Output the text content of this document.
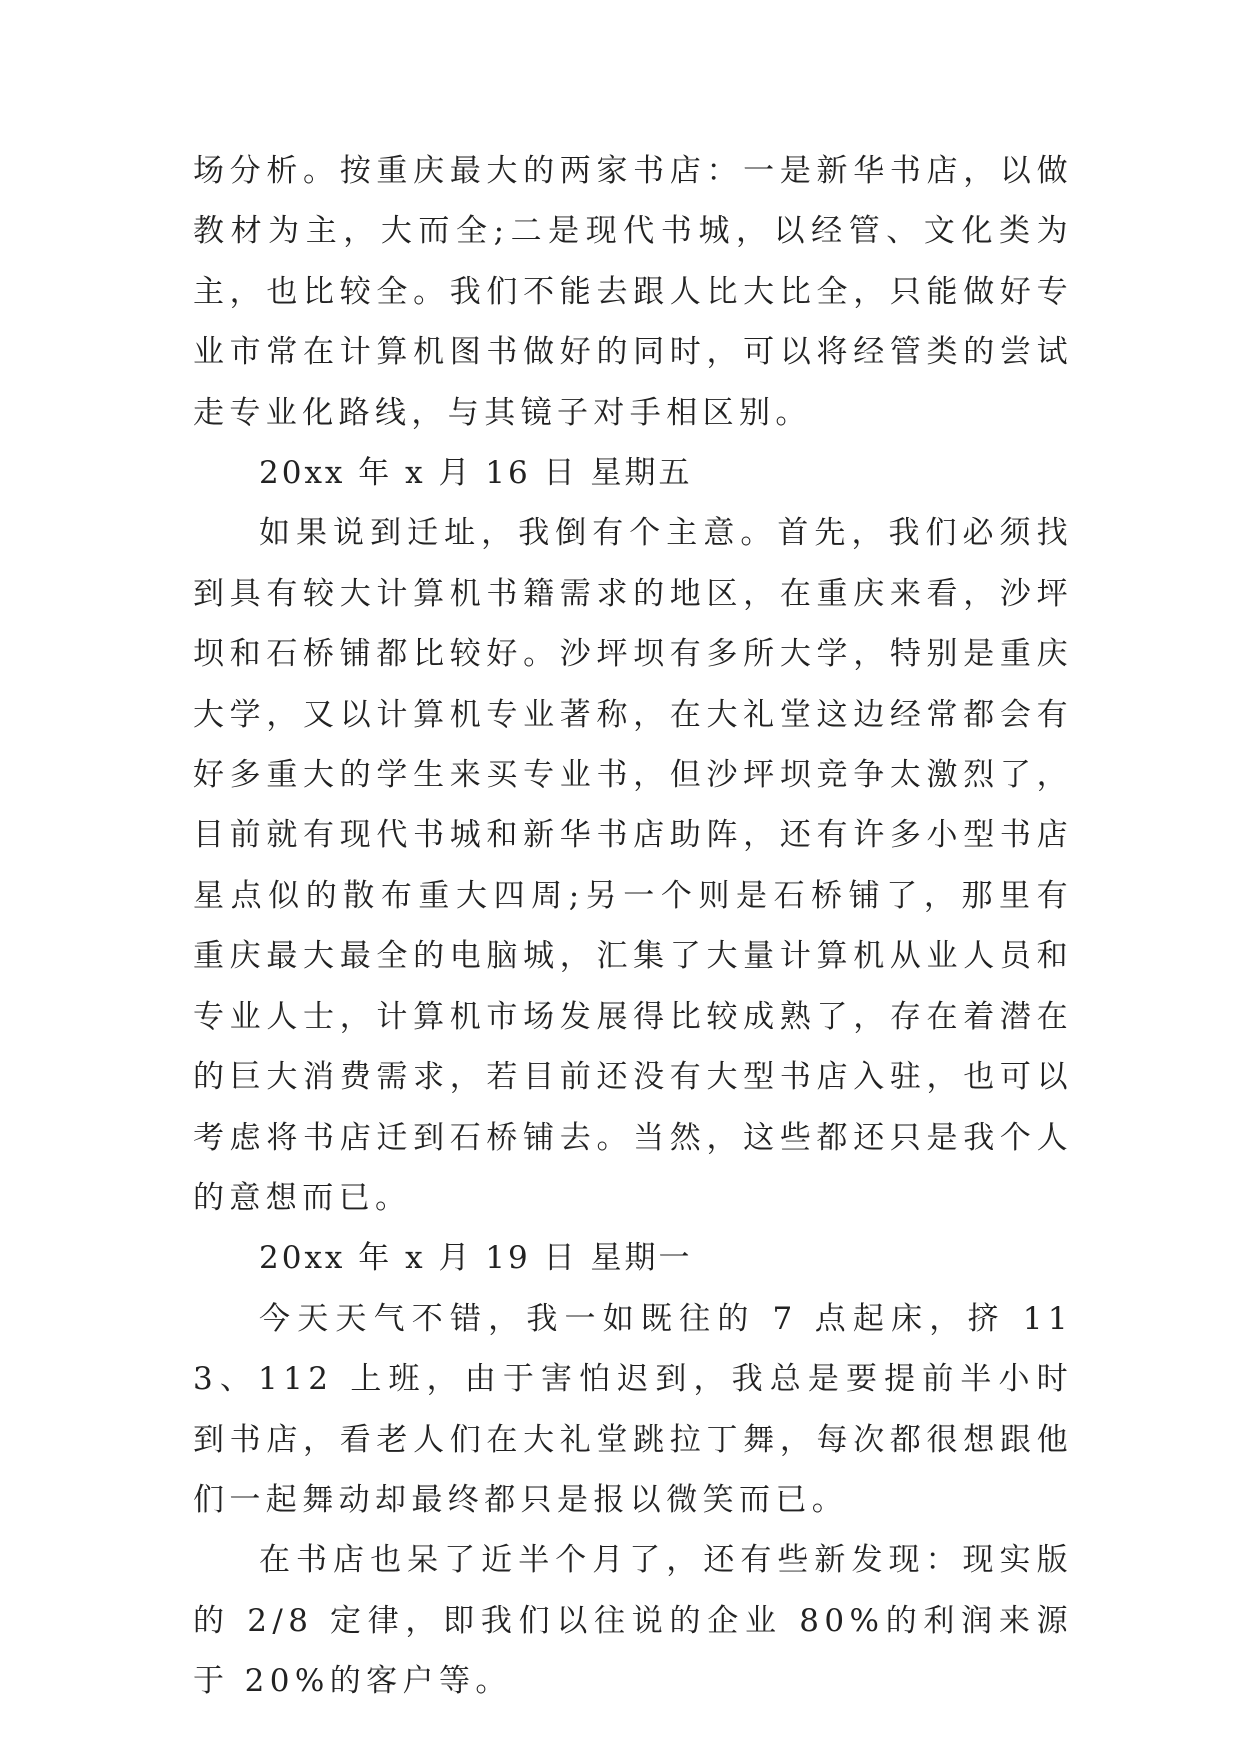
场分析。按重庆最大的两家书店：一是新华书店，以做教材为主，大而全;二是现代书城，以经管、文化类为主，也比较全。我们不能去跟人比大比全，只能做好专业市常在计算机图书做好的同时，可以将经管类的尝试走专业化路线，与其镜子对手相区别。

20xx 年 x 月 16 日 星期五

如果说到迁址，我倒有个主意。首先，我们必须找到具有较大计算机书籍需求的地区，在重庆来看，沙坪坝和石桥铺都比较好。沙坪坝有多所大学，特别是重庆大学，又以计算机专业著称，在大礼堂这边经常都会有好多重大的学生来买专业书，但沙坪坝竞争太激烈了，目前就有现代书城和新华书店助阵，还有许多小型书店星点似的散布重大四周;另一个则是石桥铺了，那里有重庆最大最全的电脑城，汇集了大量计算机从业人员和专业人士，计算机市场发展得比较成熟了，存在着潜在的巨大消费需求，若目前还没有大型书店入驻，也可以考虑将书店迁到石桥铺去。当然，这些都还只是我个人的意想而已。

20xx 年 x 月 19 日 星期一

今天天气不错，我一如既往的 7 点起床，挤 113、112 上班，由于害怕迟到，我总是要提前半小时到书店，看老人们在大礼堂跳拉丁舞，每次都很想跟他们一起舞动却最终都只是报以微笑而已。

在书店也呆了近半个月了，还有些新发现：现实版的 2/8 定律，即我们以往说的企业 80%的利润来源于 20%的客户等。
